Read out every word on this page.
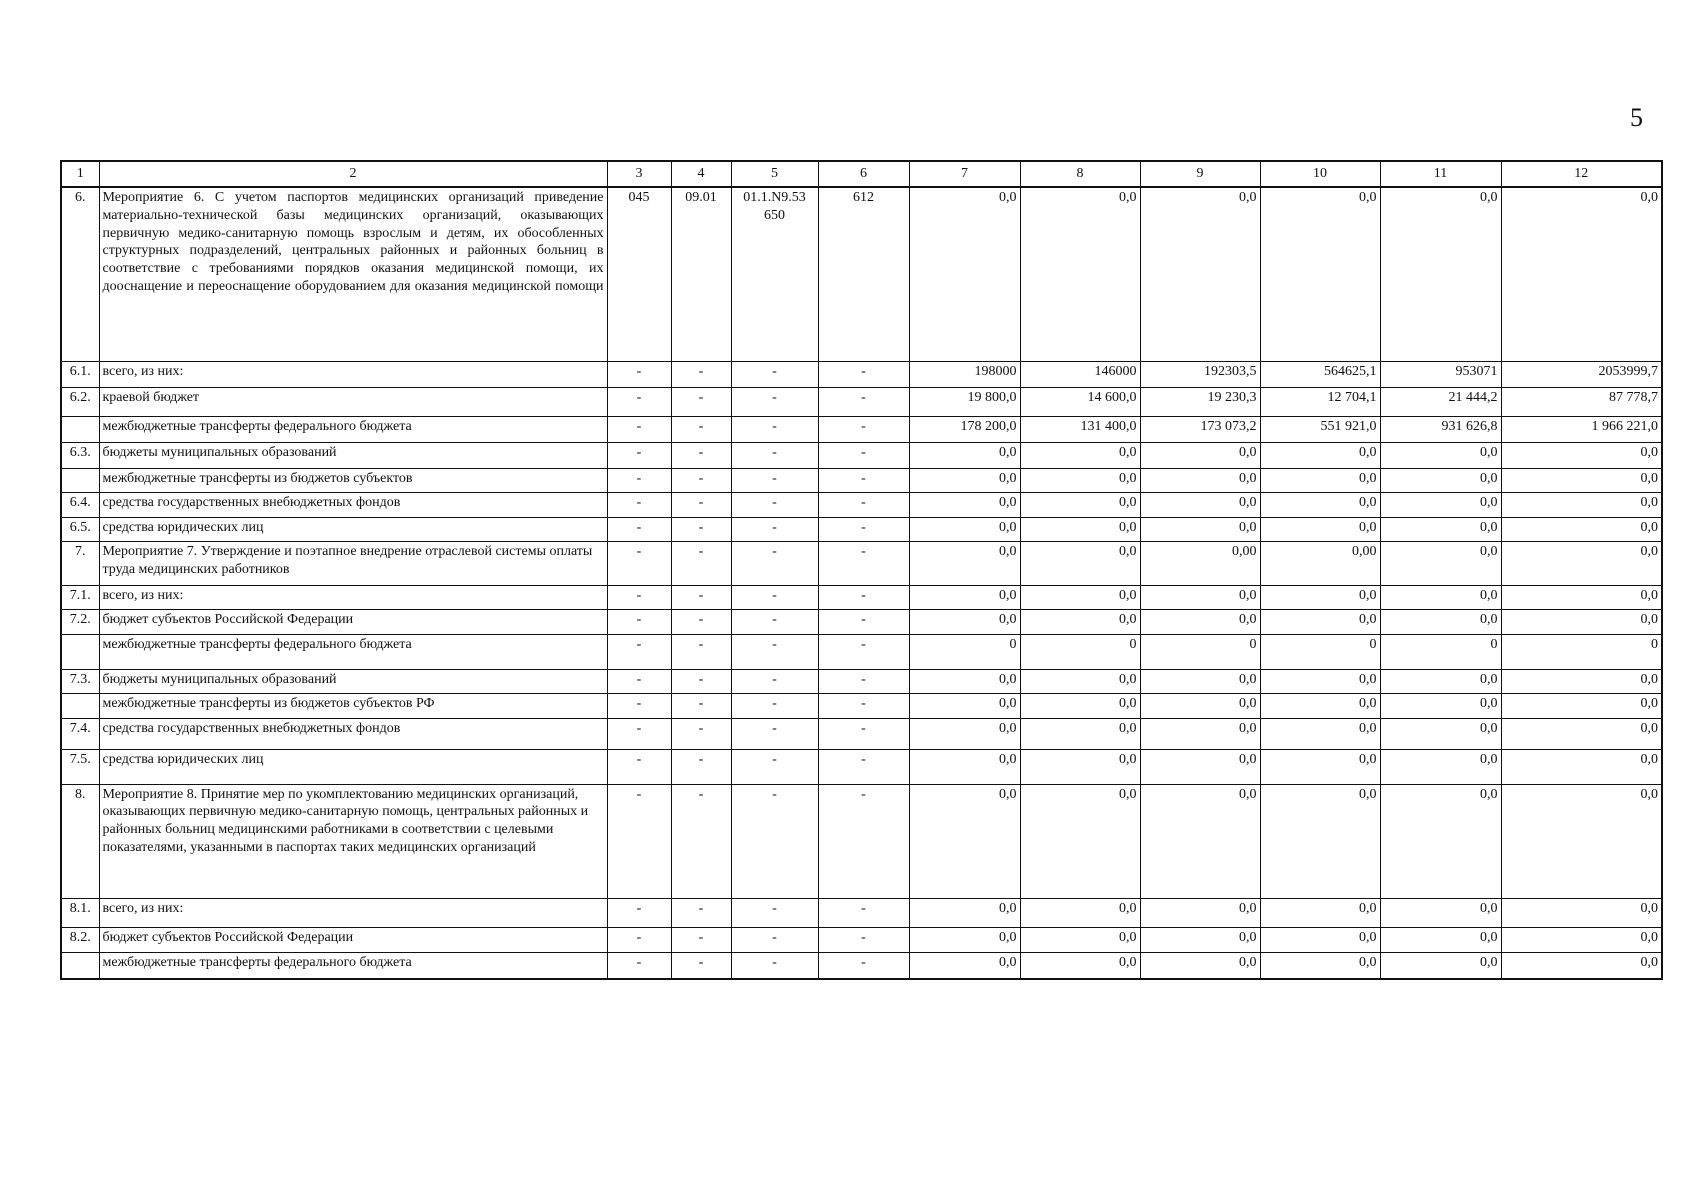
5
1	2	3	4	5	6	7	8	9	10	11	12
6.	Мероприятие 6. С учетом паспортов медицинских организаций приведение материально-технической базы медицинских организаций, оказывающих первичную медико-санитарную помощь взрослым и детям, их обособленных структурных подразделений, центральных районных и районных больниц в соответствие с требованиями порядков оказания медицинской помощи, их дооснащение и переоснащение оборудованием для оказания медицинской помощи	045	09.01	01.1.N9.53 650	612	0,0	0,0	0,0	0,0	0,0	0,0
6.1.	всего, из них:	-	-	-	-	198000	146000	192303,5	564625,1	953071	2053999,7
6.2.	краевой бюджет	-	-	-	-	19 800,0	14 600,0	19 230,3	12 704,1	21 444,2	87 778,7
	межбюджетные трансферты федерального бюджета	-	-	-	-	178 200,0	131 400,0	173 073,2	551 921,0	931 626,8	1 966 221,0
6.3.	бюджеты муниципальных образований	-	-	-	-	0,0	0,0	0,0	0,0	0,0	0,0
	межбюджетные трансферты из бюджетов субъектов	-	-	-	-	0,0	0,0	0,0	0,0	0,0	0,0
6.4.	средства государственных внебюджетных фондов	-	-	-	-	0,0	0,0	0,0	0,0	0,0	0,0
6.5.	средства юридических лиц	-	-	-	-	0,0	0,0	0,0	0,0	0,0	0,0
7.	Мероприятие 7. Утверждение и поэтапное внедрение отраслевой системы оплаты труда медицинских работников	-	-	-	-	0,0	0,0	0,00	0,00	0,0	0,0
7.1.	всего, из них:	-	-	-	-	0,0	0,0	0,0	0,0	0,0	0,0
7.2.	бюджет субъектов Российской Федерации	-	-	-	-	0,0	0,0	0,0	0,0	0,0	0,0
	межбюджетные трансферты федерального бюджета	-	-	-	-	0	0	0	0	0	0
7.3.	бюджеты муниципальных образований	-	-	-	-	0,0	0,0	0,0	0,0	0,0	0,0
	межбюджетные трансферты из бюджетов субъектов РФ	-	-	-	-	0,0	0,0	0,0	0,0	0,0	0,0
7.4.	средства государственных внебюджетных фондов	-	-	-	-	0,0	0,0	0,0	0,0	0,0	0,0
7.5.	средства юридических лиц	-	-	-	-	0,0	0,0	0,0	0,0	0,0	0,0
8.	Мероприятие 8. Принятие мер по укомплектованию медицинских организаций, оказывающих первичную медико-санитарную помощь, центральных районных и районных больниц медицинскими работниками в соответствии с целевыми показателями, указанными в паспортах таких медицинских организаций	-	-	-	-	0,0	0,0	0,0	0,0	0,0	0,0
8.1.	всего, из них:	-	-	-	-	0,0	0,0	0,0	0,0	0,0	0,0
8.2.	бюджет субъектов Российской Федерации	-	-	-	-	0,0	0,0	0,0	0,0	0,0	0,0
	межбюджетные трансферты федерального бюджета	-	-	-	-	0,0	0,0	0,0	0,0	0,0	0,0
